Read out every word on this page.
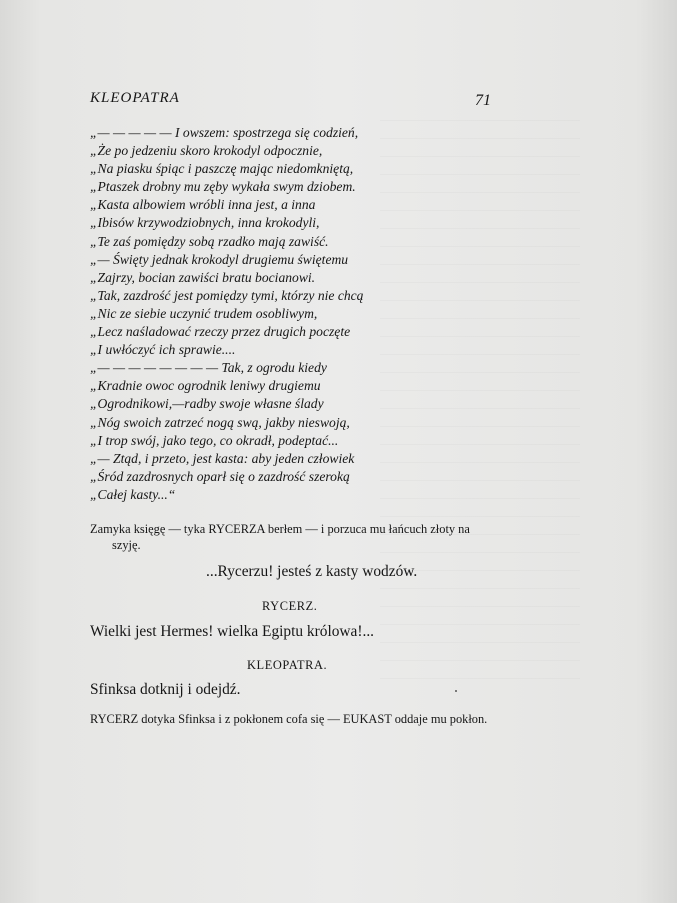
KLEOPATRA	71
„— — — — — I owszem: spostrzega się codzień,
„Że po jedzeniu skoro krokodyl odpocznie,
„Na piasku śpiąc i paszczę mając niedomkniętą,
„Ptaszek drobny mu zęby wykała swym dziobem.
„Kasta albowiem wróbli inna jest, a inna
„Ibisów krzywodziobnych, inna krokodyli,
„Te zaś pomiędzy sobą rzadko mają zawiść.
„— Święty jednak krokodyl drugiemu świętemu
„Zajrzy, bocian zawiści bratu bocianowi.
„Tak, zazdrość jest pomiędzy tymi, którzy nie chcą
„Nic ze siebie uczynić trudem osobliwym,
„Lecz naśladować rzeczy przez drugich poczęte
„I uwłóczyć ich sprawie....
„— — — — — — — — Tak, z ogrodu kiedy
„Kradnie owoc ogrodnik leniwy drugiemu
„Ogrodnikowi,—radby swoje własne ślady
„Nóg swoich zatrzeć nogą swą, jakby nieswoją,
„I trop swój, jako tego, co okradł, podeptać...
„— Ztąd, i przeto, jest kasta: aby jeden człowiek
„Śród zazdrosnych oparł się o zazdrość szeroką
„Całej kasty...“
Zamyka księgę — tyka RYCERZA berłem — i porzuca mu łańcuch złoty na szyję.
...Rycerzu! jesteś z kasty wodzów.
RYCERZ.
Wielki jest Hermes! wielka Egiptu królowa!...
KLEOPATRA.
Sfinksa dotknij i odejdź.
RYCERZ dotyka Sfinksa i z pokłonem cofa się — EUKAST oddaje mu pokłon.
